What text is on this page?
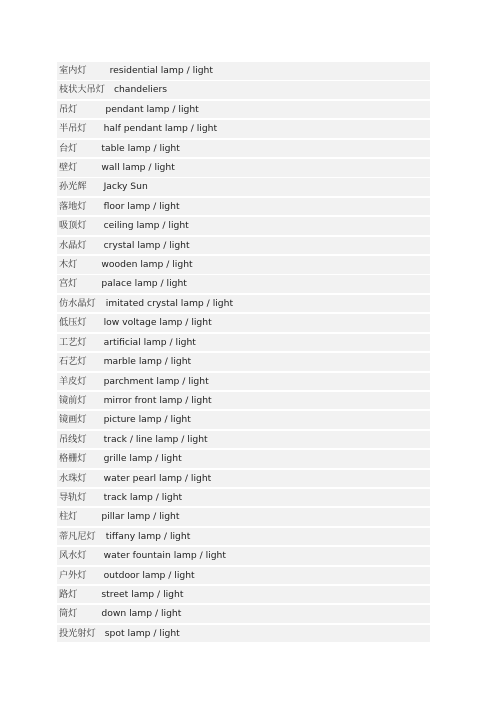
室内灯	residential lamp / light
枝状大吊灯 chandeliers
吊灯	pendant lamp / light
半吊灯 half pendant lamp / light
台灯	table lamp / light
壁灯	wall lamp / light
孙光辉 Jacky Sun
落地灯 floor lamp / light
吸顶灯 ceiling lamp / light
水晶灯 crystal lamp / light
木灯	wooden lamp / light
宫灯	palace lamp / light
仿水晶灯 imitated crystal lamp / light
低压灯 low voltage lamp / light
工艺灯 artificial lamp / light
石艺灯 marble lamp / light
羊皮灯 parchment lamp / light
镜前灯 mirror front lamp / light
镜画灯 picture lamp / light
吊线灯 track / line lamp / light
格栅灯 grille lamp / light
水珠灯 water pearl lamp / light
导轨灯 track lamp / light
柱灯	pillar lamp / light
蒂凡尼灯 tiffany lamp / light
风水灯 water fountain lamp / light
户外灯 outdoor lamp / light
路灯	street lamp / light
筒灯	down lamp / light
投光射灯 spot lamp / light
